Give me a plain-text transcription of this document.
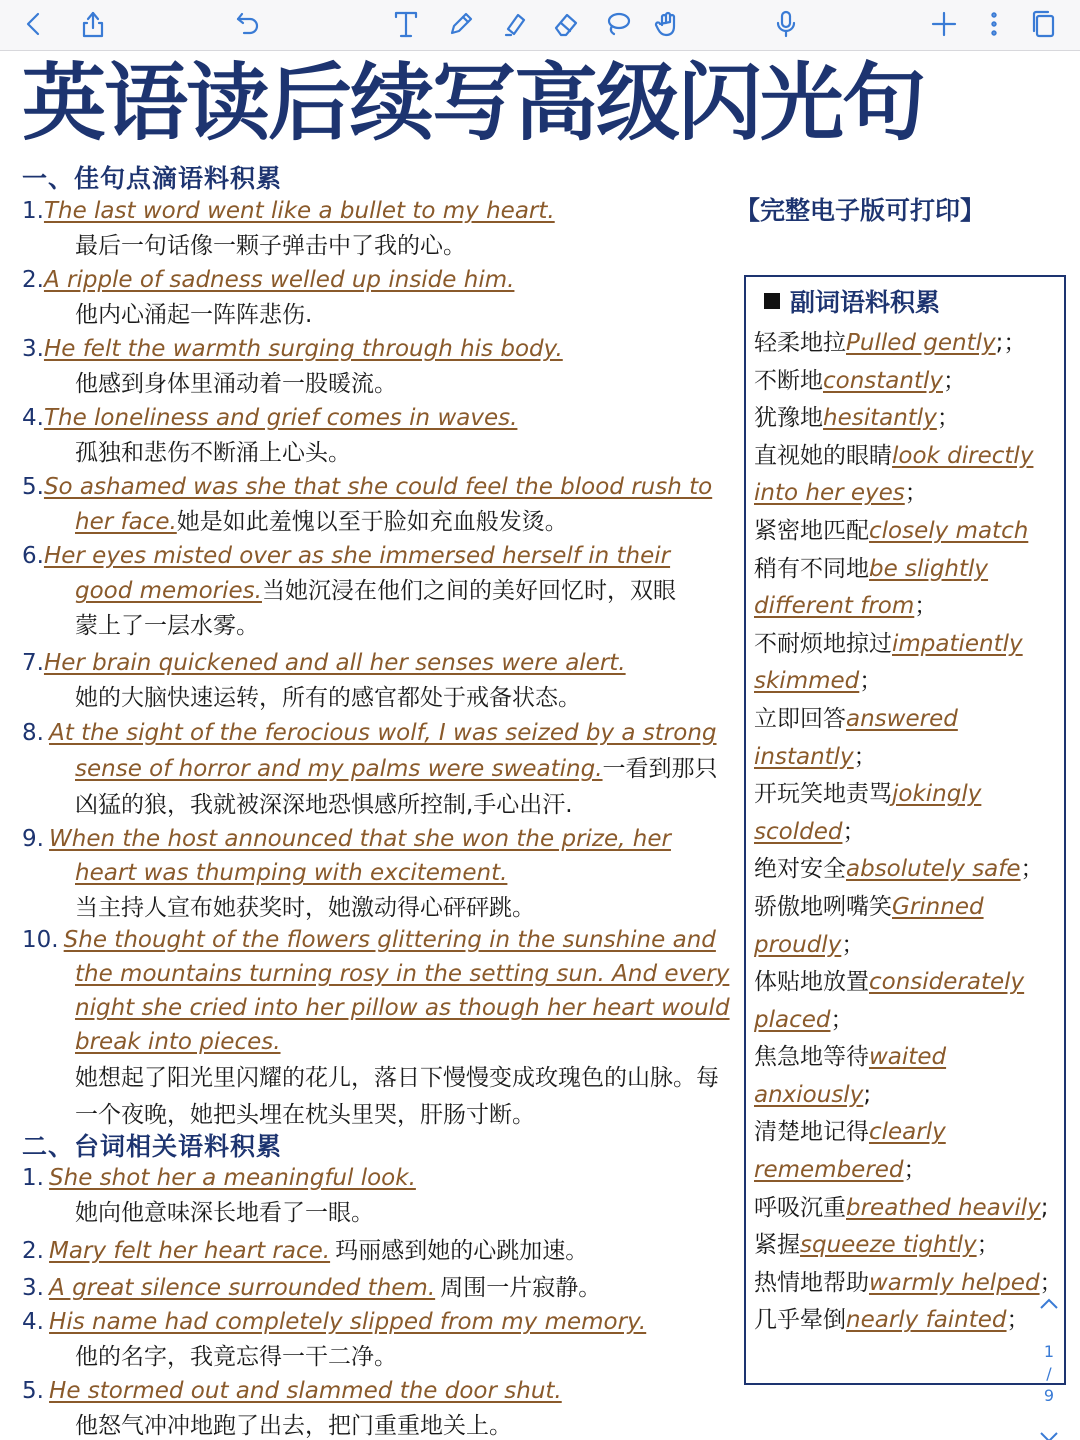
英语读后续写高级闪光句
一、佳句点滴语料积累
【完整电子版可打印】
1.The last word went like a bullet to my heart.
最后一句话像一颗子弹击中了我的心。
2.A ripple of sadness welled up inside him.
他内心涌起一阵阵悲伤.
3.He felt the warmth surging through his body.
他感到身体里涌动着一股暖流。
4.The loneliness and grief comes in waves.
孤独和悲伤不断涌上心头。
5.So ashamed was she that she could feel the blood rush to her face.她是如此羞愧以至于脸如充血般发烫。
6.Her eyes misted over as she immersed herself in their good memories.当她沉浸在他们之间的美好回忆时，双眼蒙上了一层水雾。
7.Her brain quickened and all her senses were alert.
她的大脑快速运转，所有的感官都处于戒备状态。
8. At the sight of the ferocious wolf, I was seized by a strong sense of horror and my palms were sweating.一看到那只凶猛的狼，我就被深深地恐惧感所控制,手心出汗.
9. When the host announced that she won the prize, her heart was thumping with excitement.
当主持人宣布她获奖时，她激动得心砰砰跳。
10. She thought of the flowers glittering in the sunshine and the mountains turning rosy in the setting sun. And every night she cried into her pillow as though her heart would break into pieces.
她想起了阳光里闪耀的花儿，落日下慢慢变成玫瑰色的山脉。每一个夜晚，她把头埋在枕头里哭，肝肠寸断。
二、台词相关语料积累
1. She shot her a meaningful look.
她向他意味深长地看了一眼。
2. Mary felt her heart race. 玛丽感到她的心跳加速。
3. A great silence surrounded them. 周围一片寂静。
4. His name had completely slipped from my memory.
他的名字，我竟忘得一干二净。
5. He stormed out and slammed the door shut.
他怒气冲冲地跑了出去，把门重重地关上。
副词语料积累
轻柔地拉Pulled gently;；
不断地constantly；
犹豫地hesitantly；
直视她的眼睛look directly into her eyes；
紧密地匹配closely match
稍有不同地be slightly different from；
不耐烦地掠过impatiently skimmed；
立即回答answered instantly；
开玩笑地责骂jokingly scolded；
绝对安全absolutely safe；
骄傲地咧嘴笑Grinned proudly；
体贴地放置considerately placed；
焦急地等待waited anxiously;
清楚地记得clearly remembered；
呼吸沉重breathed heavily;
紧握squeeze tightly；
热情地帮助warmly helped；
几乎晕倒nearly fainted；
1
/
9
